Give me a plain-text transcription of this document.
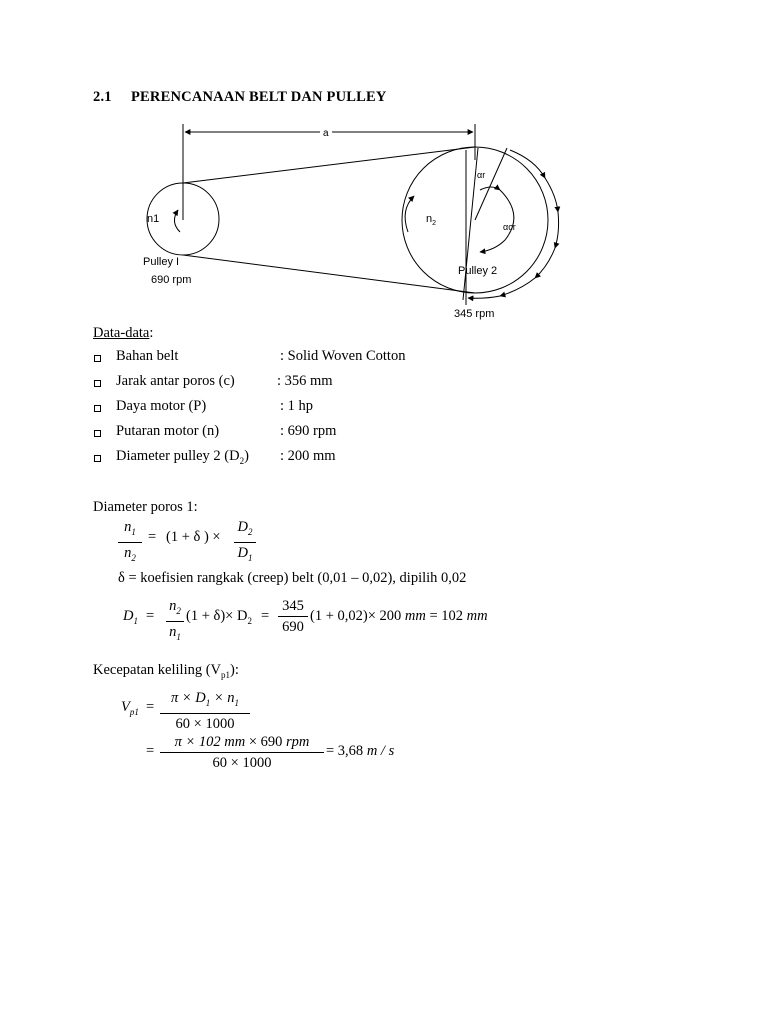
2.1 PERENCANAAN BELT DAN PULLEY
a
n1	$n_2$
αr
αcr
Pulley I
690 rpm
Pulley 2
345 rpm
Data-data:
Bahan belt	: Solid Woven Cotton
Jarak antar poros (c)	: 356 mm
Daya motor (P)	: 1 hp
Putaran motor (n)	: 690 rpm
Diameter pulley 2 $(D_2)$ : 200 mm
Diameter poros 1:
$n_1$
$n_2$
= (1 + δ ) ×
$D_2$
$D_1$
δ = koefisien rangkak (creep) belt (0,01 – 0,02), dipilih 0,02
$D_1$ =
$n_2$
$n_1$
$(1 + \delta)\times D_2$ =
345
690
(1 + 0,02)× 200 mm = 102 mm
Kecepatan keliling $(V_{p1})$:
$V_{p1}$ =
$\pi \times D_1 \times n_1$
60 × 1000
=
π × 102 mm × 690 rpm
60 × 1000
= 3,68 m / s
